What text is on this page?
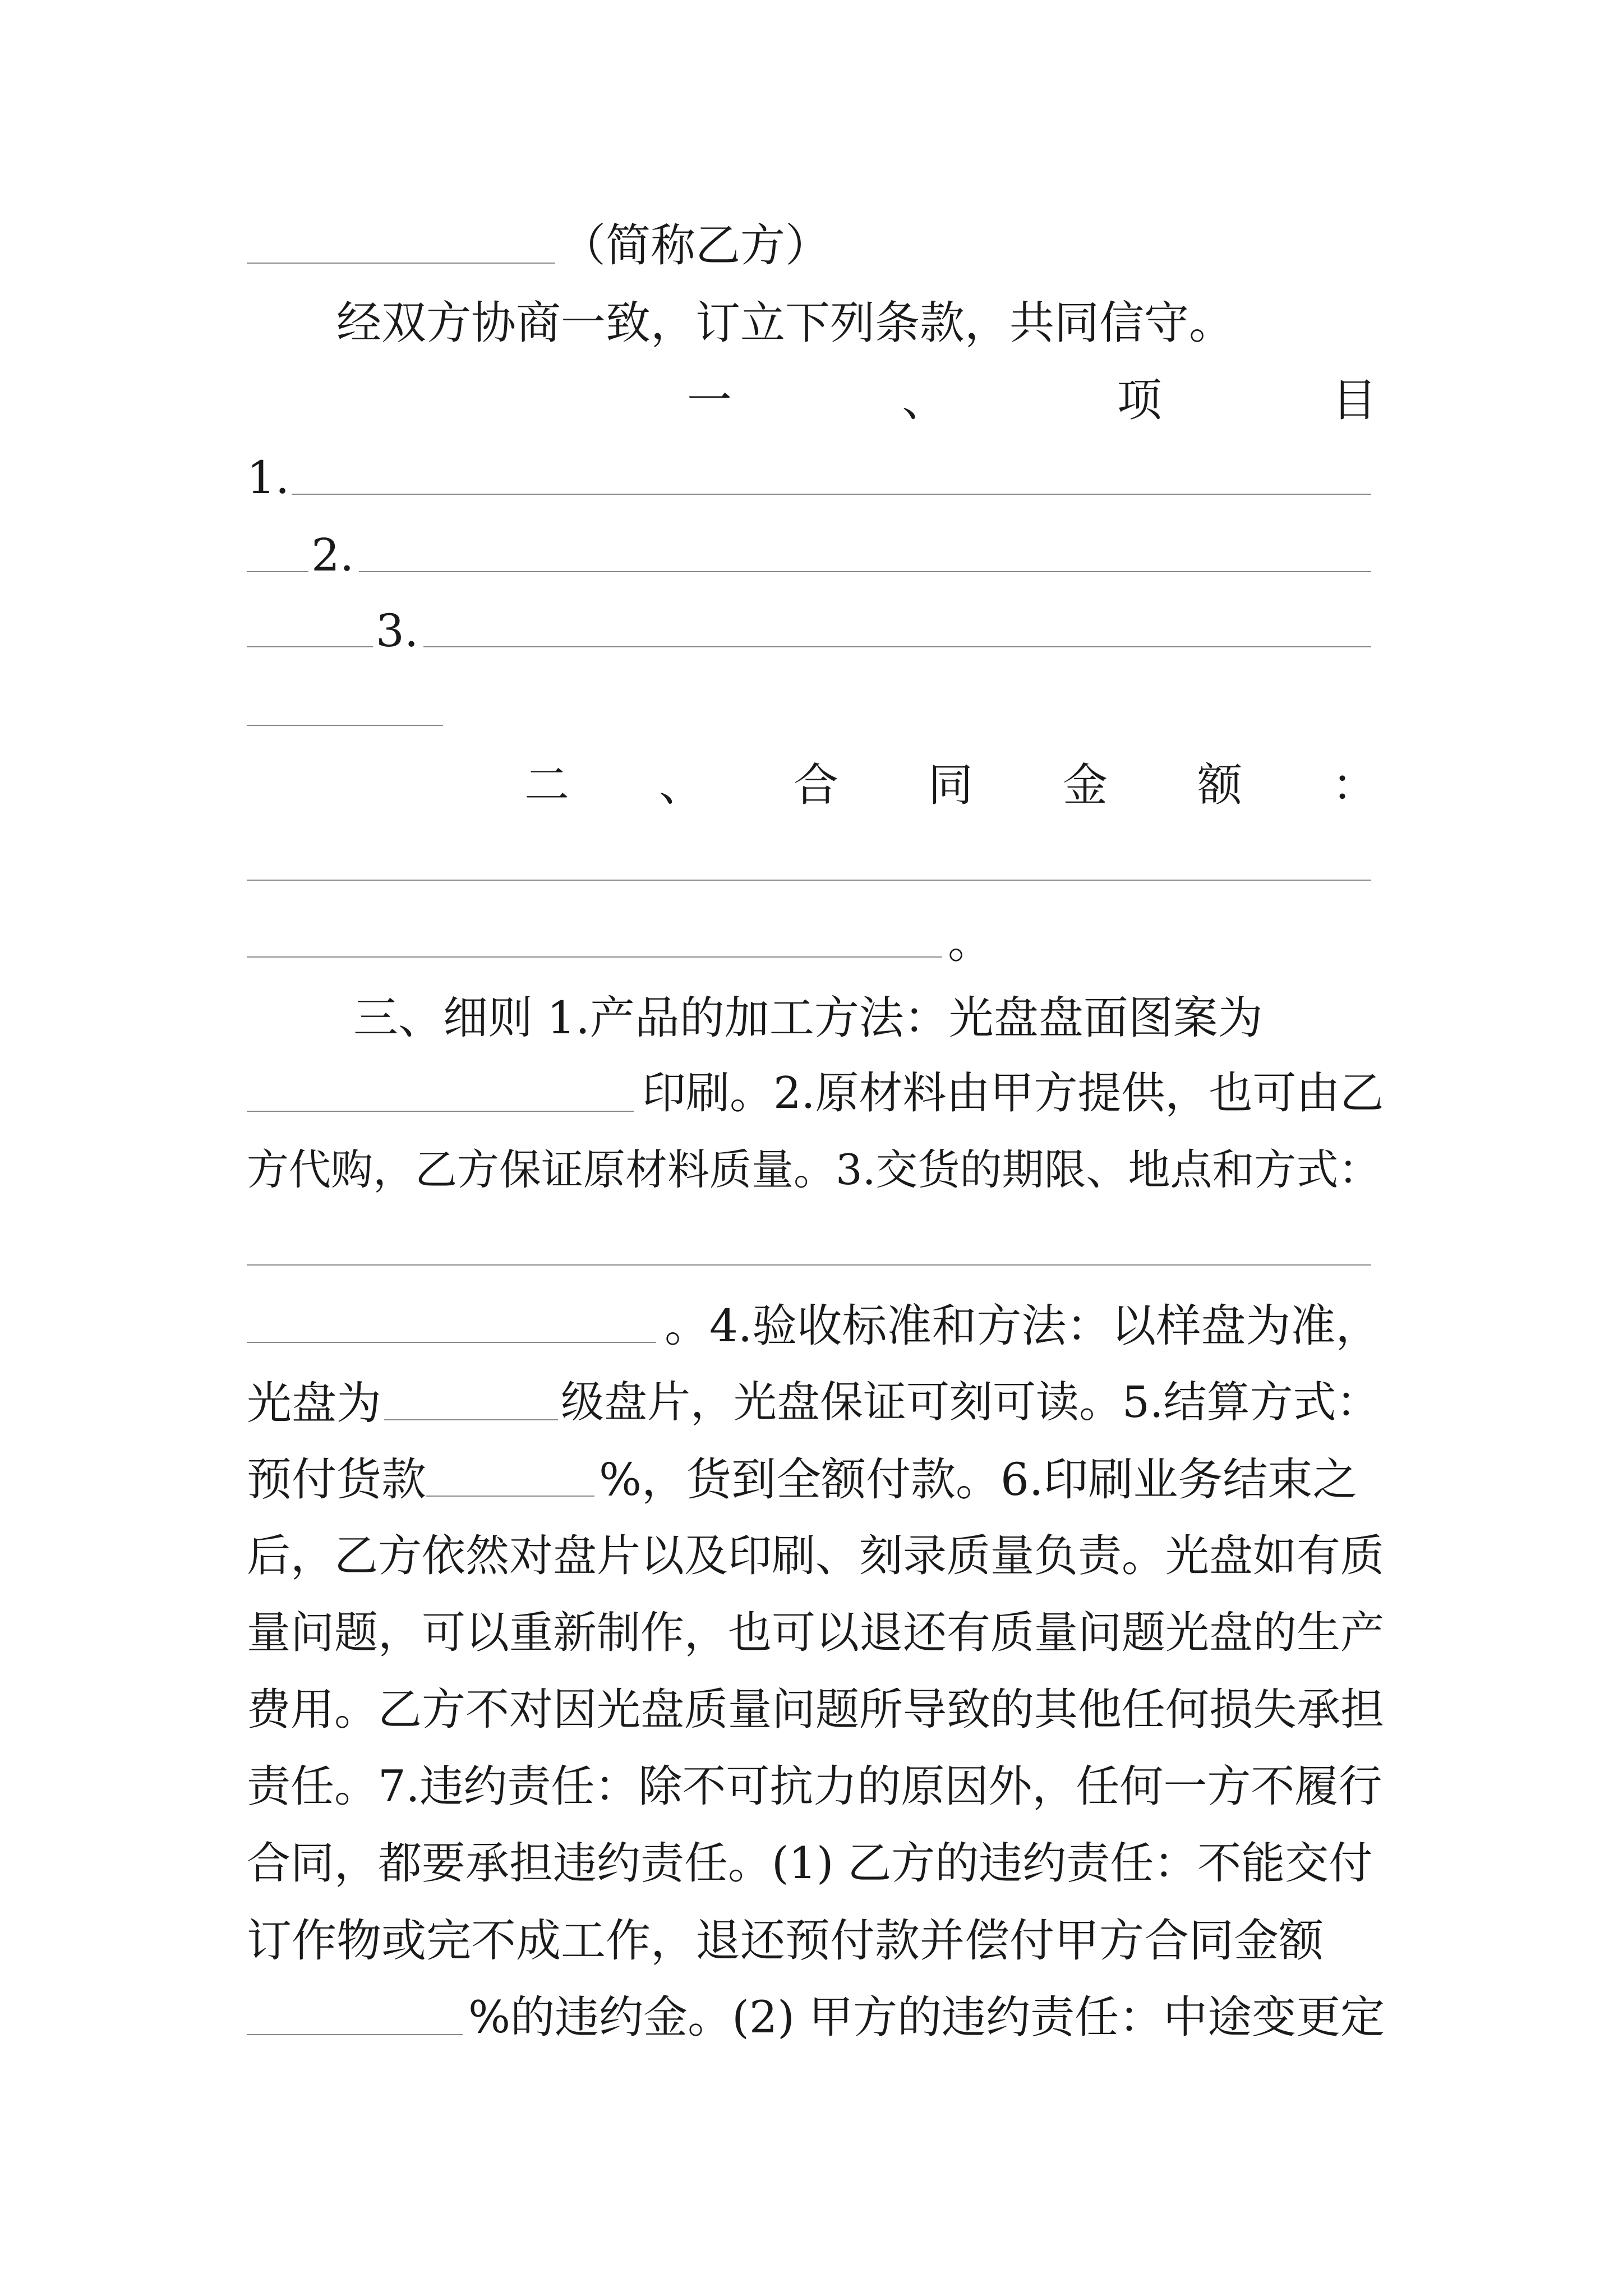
（简称乙方）
经双方协商一致，订立下列条款，共同信守。
一	、	项	目
1.
2.
3.
二 、 合 同 金 额 ：
。
三、细则 1.产品的加工方法：光盘盘面图案为
印刷。2.原材料由甲方提供，也可由乙
方代购，乙方保证原材料质量。3.交货的期限、地点和方式：
。4.验收标准和方法：以样盘为准，
光盘为	级盘片，光盘保证可刻可读。5.结算方式：
预付货款	%，货到全额付款。6.印刷业务结束之
后，乙方依然对盘片以及印刷、刻录质量负责。光盘如有质
量问题，可以重新制作，也可以退还有质量问题光盘的生产
费用。乙方不对因光盘质量问题所导致的其他任何损失承担
责任。7.违约责任：除不可抗力的原因外，任何一方不履行
合同，都要承担违约责任。(1) 乙方的违约责任：不能交付
订作物或完不成工作，退还预付款并偿付甲方合同金额
%的违约金。(2) 甲方的违约责任：中途变更定
